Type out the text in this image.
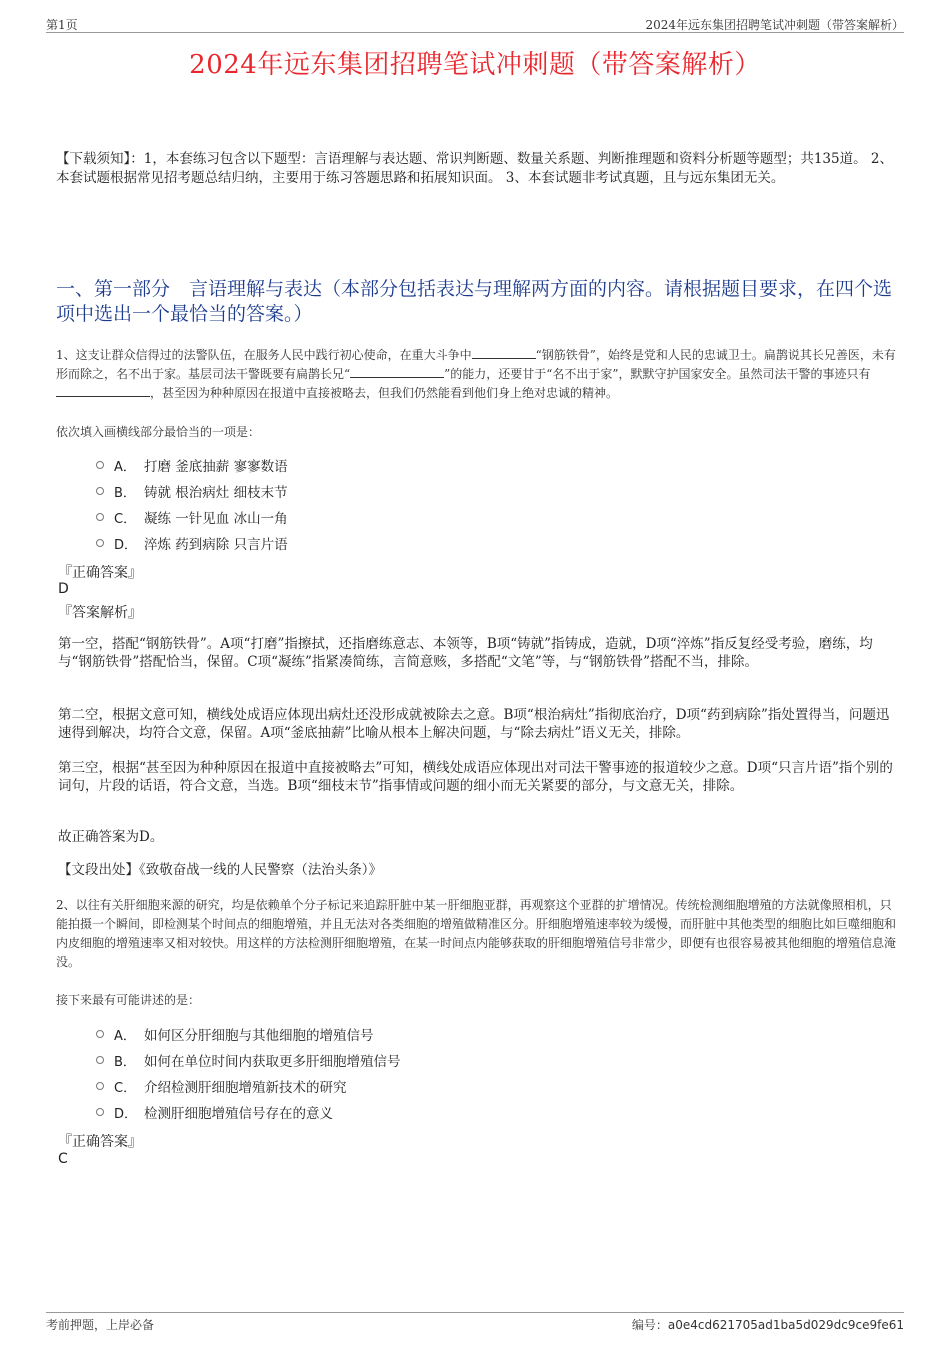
第1页	2024年远东集团招聘笔试冲刺题（带答案解析）
2024年远东集团招聘笔试冲刺题（带答案解析）
【下载须知】：1，本套练习包含以下题型：言语理解与表达题、常识判断题、数量关系题、判断推理题和资料分析题等题型；共135道。 2、本套试题根据常见招考题总结归纳，主要用于练习答题思路和拓展知识面。 3、本套试题非考试真题，且与远东集团无关。
一、第一部分　言语理解与表达（本部分包括表达与理解两方面的内容。请根据题目要求，在四个选项中选出一个最恰当的答案。）
1、这支让群众信得过的法警队伍，在服务人民中践行初心使命，在重大斗争中	“钢筋铁骨”，始终是党和人民的忠诚卫士。扁鹊说其长兄善医，未有形而除之，名不出于家。基层司法干警既要有扁鹊长兄“	”的能力，还要甘于“名不出于家”，默默守护国家安全。虽然司法干警的事迹只有，甚至因为种种原因在报道中直接被略去，但我们仍然能看到他们身上绝对忠诚的精神。
依次填入画横线部分最恰当的一项是：
A． 打磨 釜底抽薪 寥寥数语
B． 铸就 根治病灶 细枝末节
C． 凝练 一针见血 冰山一角
D． 淬炼 药到病除 只言片语
『正确答案』
D
『答案解析』
第一空，搭配“钢筋铁骨”。A项“打磨”指擦拭，还指磨练意志、本领等，B项“铸就”指铸成，造就，D项“淬炼”指反复经受考验，磨练，均与“钢筋铁骨”搭配恰当，保留。C项“凝练”指紧凑简练，言简意赅，多搭配“文笔”等，与“钢筋铁骨”搭配不当，排除。
第二空，根据文意可知，横线处成语应体现出病灶还没形成就被除去之意。B项“根治病灶”指彻底治疗，D项“药到病除”指处置得当，问题迅速得到解决，均符合文意，保留。A项“釜底抽薪”比喻从根本上解决问题，与“除去病灶”语义无关，排除。
第三空，根据“甚至因为种种原因在报道中直接被略去”可知，横线处成语应体现出对司法干警事迹的报道较少之意。D项“只言片语”指个别的词句，片段的话语，符合文意，当选。B项“细枝末节”指事情或问题的细小而无关紧要的部分，与文意无关，排除。
故正确答案为D。
【文段出处】《致敬奋战一线的人民警察（法治头条）》
2、以往有关肝细胞来源的研究，均是依赖单个分子标记来追踪肝脏中某一肝细胞亚群，再观察这个亚群的扩增情况。传统检测细胞增殖的方法就像照相机，只能拍摄一个瞬间，即检测某个时间点的细胞增殖，并且无法对各类细胞的增殖做精准区分。肝细胞增殖速率较为缓慢，而肝脏中其他类型的细胞比如巨噬细胞和内皮细胞的增殖速率又相对较快。用这样的方法检测肝细胞增殖，在某一时间点内能够获取的肝细胞增殖信号非常少，即便有也很容易被其他细胞的增殖信息淹没。
接下来最有可能讲述的是：
A． 如何区分肝细胞与其他细胞的增殖信号
B． 如何在单位时间内获取更多肝细胞增殖信号
C． 介绍检测肝细胞增殖新技术的研究
D． 检测肝细胞增殖信号存在的意义
『正确答案』
C
考前押题，上岸必备	编号：a0e4cd621705ad1ba5d029dc9ce9fe61
